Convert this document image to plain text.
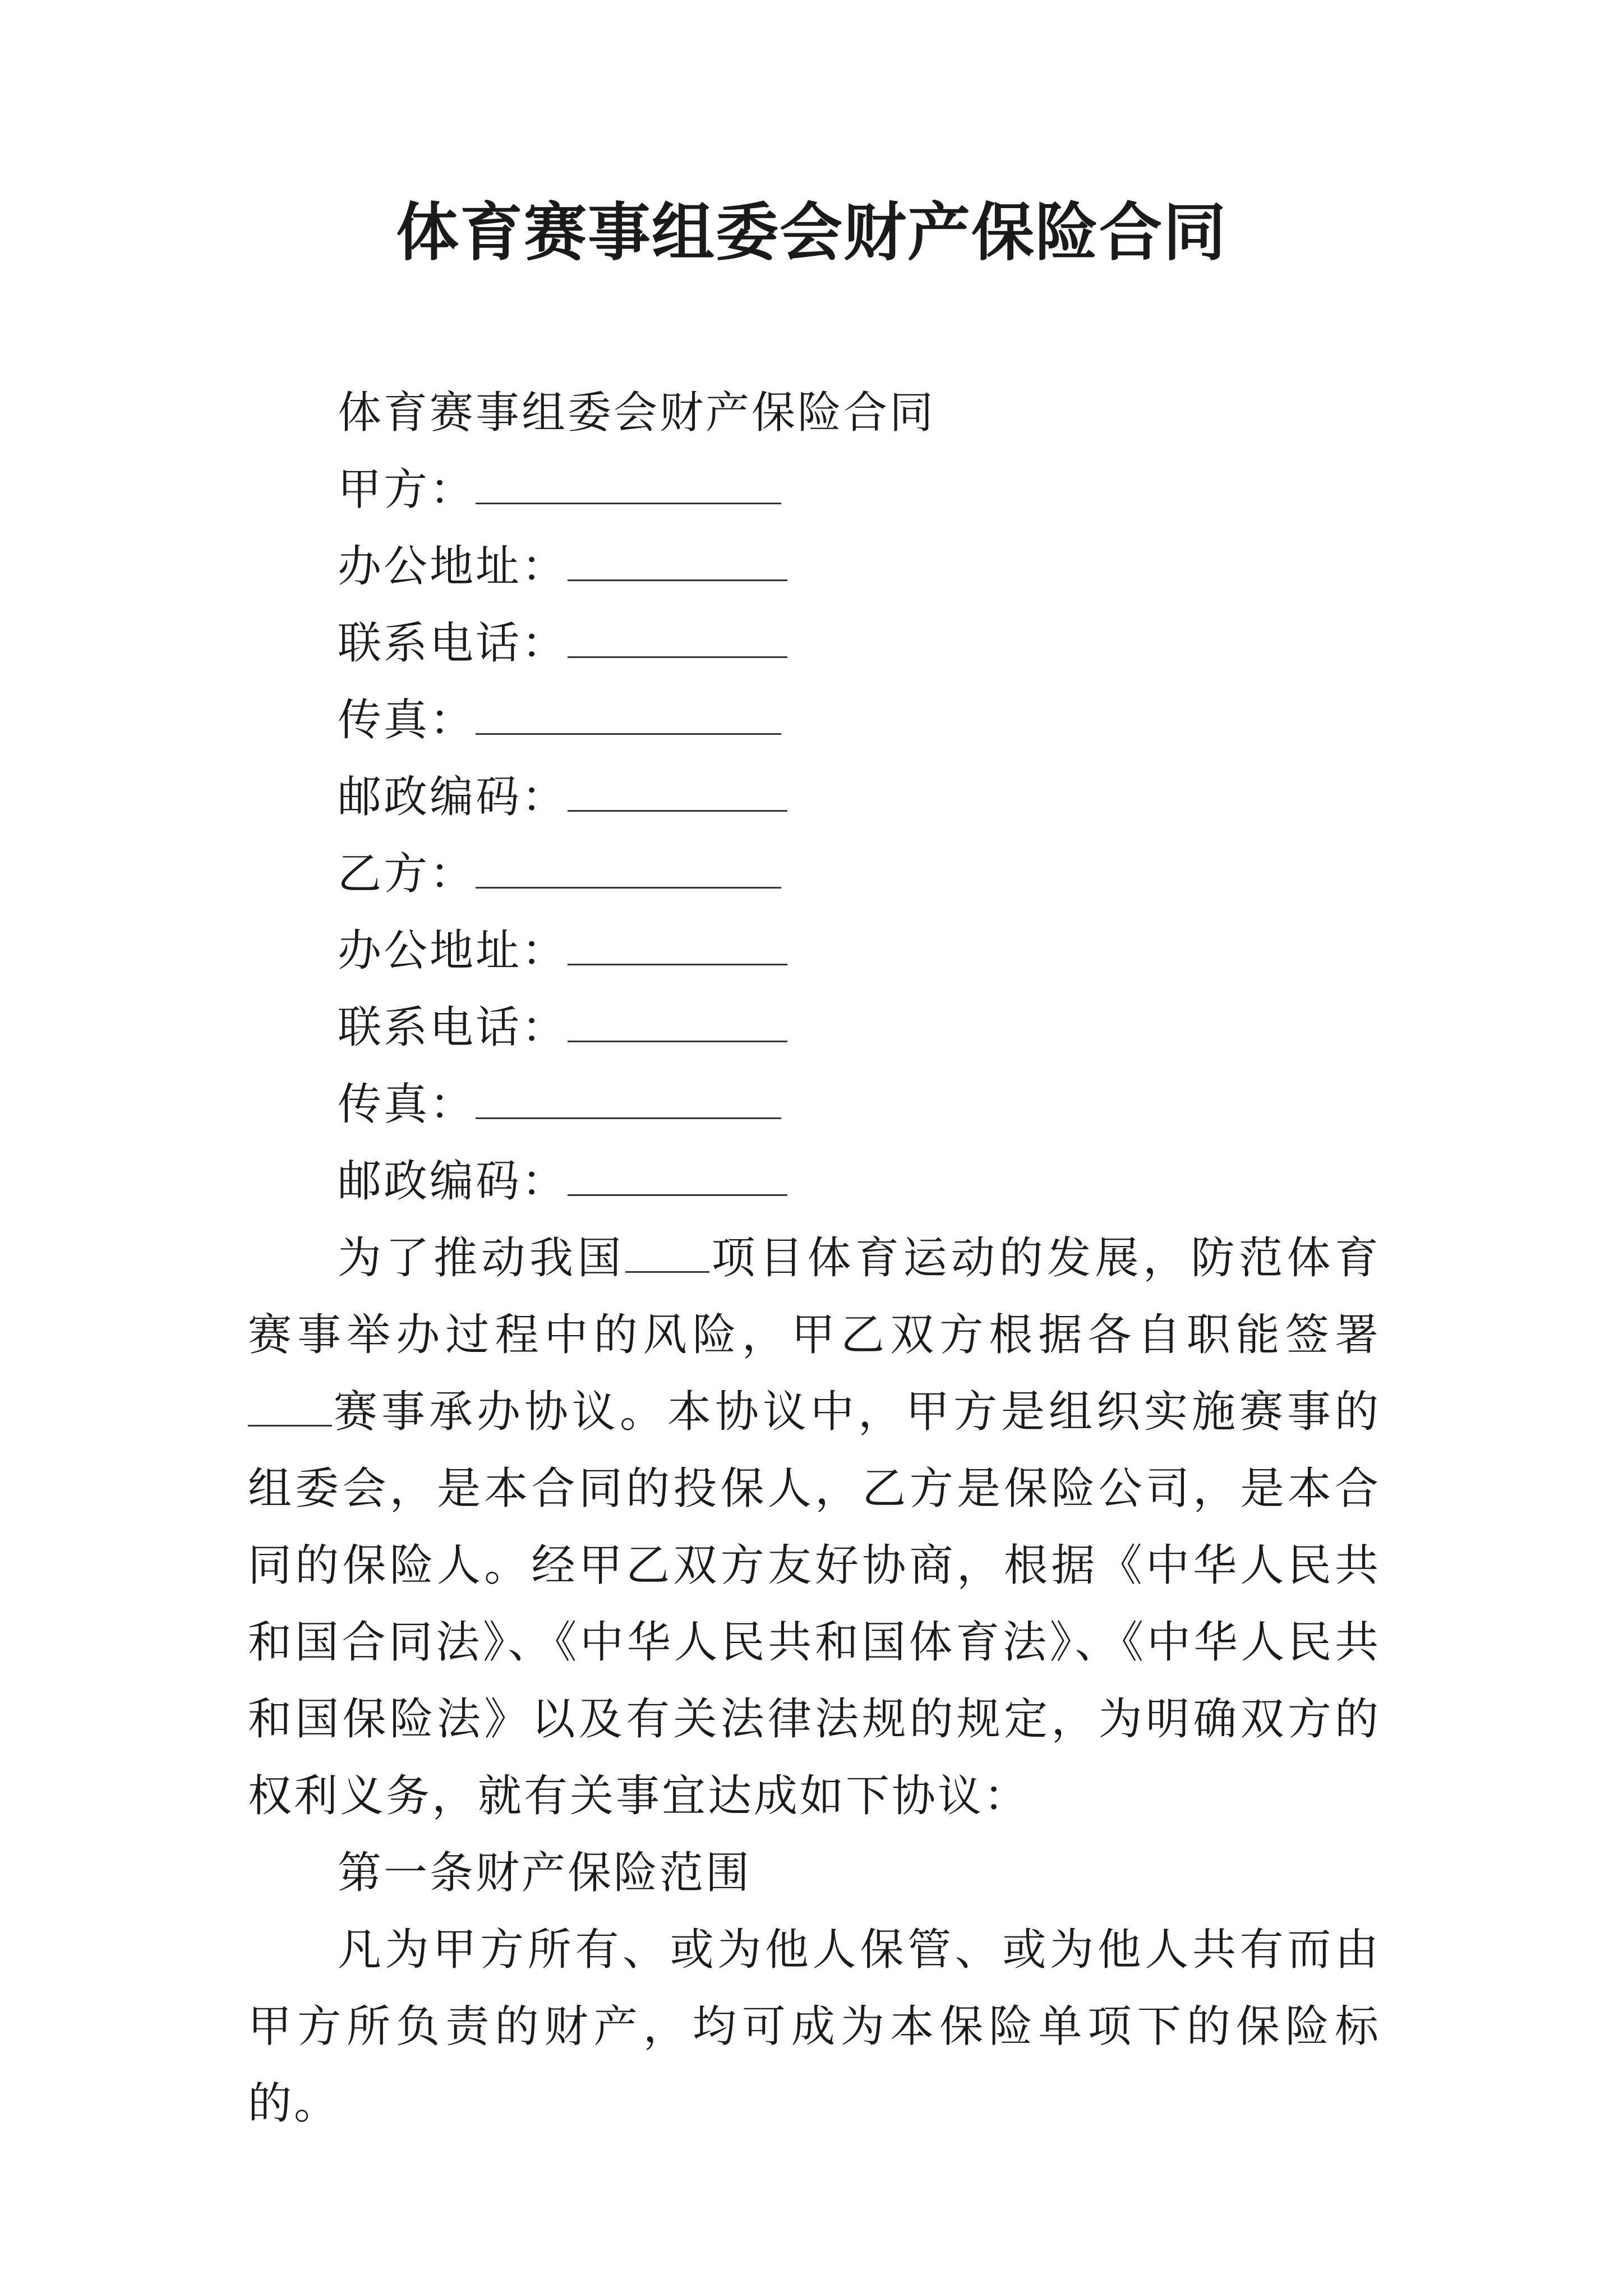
体育赛事组委会财产保险合同

体育赛事组委会财产保险合同

甲方：

办公地址：

联系电话：

传真：

邮政编码：

乙方：

办公地址：

联系电话：

传真：

邮政编码：

为了推动我国 项目体育运动的发展，防范体育赛事举办过程中的风险，甲乙双方根据各自职能签署赛事承办协议。本协议中，甲方是组织实施赛事的组委会，是本合同的投保人，乙方是保险公司，是本合同的保险人。经甲乙双方友好协商，根据《中华人民共和国合同法》、《中华人民共和国体育法》、《中华人民共和国保险法》以及有关法律法规的规定，为明确双方的权利义务，就有关事宜达成如下协议：

第一条财产保险范围

凡为甲方所有、或为他人保管、或为他人共有而由甲方所负责的财产，均可成为本保险单项下的保险标的。
